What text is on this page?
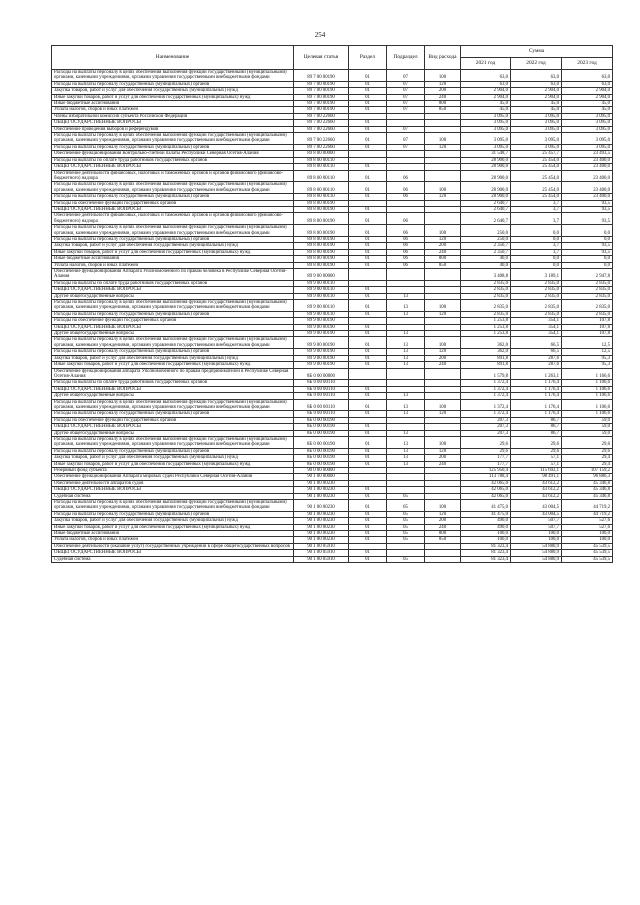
254
Наименование	Целевая статья	Раздел	Подраздел	Вид расхода	Сумма		
					2021 год	2022 год	2023 год
Расходы на выплаты персоналу в целях обеспечения выполнения функций государственными (муниципальными) органами, казенными учреждениями, органами управления государственными внебюджетными фондами	89 7 00 00190	01	07	100	63,0	63,0	63,0
Расходы на выплаты персоналу государственных (муниципальных) органов	89 7 00 00190	01	07	120	63,0	63,0	63,0
Закупка товаров, работ и услуг для обеспечения государственных (муниципальных) нужд	89 7 00 00190	01	07	200	2 904,0	2 904,0	2 904,0
Иные закупки товаров, работ и услуг для обеспечения государственных (муниципальных) нужд	89 7 00 00190	01	07	240	2 904,0	2 904,0	2 904,0
Иные бюджетные ассигнования	89 7 00 00190	01	07	800	45,0	45,0	45,0
Уплата налогов, сборов и иных платежей	89 7 00 00190	01	07	850	45,0	45,0	45,0
Члены избирательной комиссии субъекта Российской Федерации	89 7 00 22660				3 095,0	3 095,0	3 095,0
ОБЩЕГОСУДАРСТВЕННЫЕ ВОПРОСЫ	89 7 00 22660	01			3 095,0	3 095,0	3 095,0
Обеспечение проведения выборов и референдумов	89 7 00 22660	01	07		3 095,0	3 095,0	3 095,0
Расходы на выплаты персоналу в целях обеспечения выполнения функций государственными (муниципальными) органами, казенными учреждениями, органами управления государственными внебюджетными фондами	89 7 00 22660	01	07	100	3 095,0	3 095,0	3 095,0
Расходы на выплаты персоналу государственных (муниципальных) органов	89 7 00 22660	01	07	120	3 095,0	3 095,0	3 095,0
Обеспечение функционирования Контрольно-счетной палаты Республики Северная Осетия-Алания	89 8 00 00000				31 548,7	25 457,7	23 493,5
Расходы на выплаты по оплате труда работников государственных органов	89 8 00 00110				28 900,0	25 454,0	23 400,0
ОБЩЕГОСУДАРСТВЕННЫЕ ВОПРОСЫ	89 8 00 00110	01			28 900,0	25 454,0	23 400,0
Обеспечение деятельности финансовых, налоговых и таможенных органов и органов финансового (финансово-бюджетного) надзора	89 8 00 00110	01	06		28 900,0	25 454,0	23 400,0
Расходы на выплаты персоналу в целях обеспечения выполнения функций государственными (муниципальными) органами, казенными учреждениями, органами управления государственными внебюджетными фондами	89 8 00 00110	01	06	100	28 900,0	25 454,0	23 400,0
Расходы на выплаты персоналу государственных (муниципальных) органов	89 8 00 00110	01	06	120	28 900,0	25 454,0	23 400,0
Расходы на обеспечение функций государственных органов	89 8 00 00190				2 640,7	3,7	93,5
ОБЩЕГОСУДАРСТВЕННЫЕ ВОПРОСЫ	89 8 00 00190	01			2 640,7	3,7	93,5
Обеспечение деятельности финансовых, налоговых и таможенных органов и органов финансового (финансово-бюджетного) надзора	89 8 00 00190	01	06		2 640,7	3,7	93,5
Расходы на выплаты персоналу в целях обеспечения выполнения функций государственными (муниципальными) органами, казенными учреждениями, органами управления государственными внебюджетными фондами	89 8 00 00190	01	06	100	250,0	0,0	0,0
Расходы на выплаты персоналу государственных (муниципальных) органов	89 8 00 00190	01	06	120	250,0	0,0	0,0
Закупка товаров, работ и услуг для обеспечения государственных (муниципальных) нужд	89 8 00 00190	01	06	200	2 350,7	3,7	93,5
Иные закупки товаров, работ и услуг для обеспечения государственных (муниципальных) нужд	89 8 00 00190	01	06	240	2 350,7	3,7	93,5
Иные бюджетные ассигнования	89 8 00 00190	01	06	800	40,0	0,0	0,0
Уплата налогов, сборов и иных платежей	89 8 00 00190	01	06	850	40,0	0,0	0,0
Обеспечение функционирования Аппарата Уполномоченного по правам человека в Республике Северная Осетия-Алания	89 9 00 00000				3 408,8	3 189,1	2 947,8
Расходы на выплаты по оплате труда работников государственных органов	89 9 00 00110				2 835,0	2 835,0	2 835,0
ОБЩЕГОСУДАРСТВЕННЫЕ ВОПРОСЫ	89 9 00 00110	01			2 835,0	2 835,0	2 835,0
Другие общегосударственные вопросы	89 9 00 00110	01	13		2 835,0	2 835,0	2 835,0
Расходы на выплаты персоналу в целях обеспечения выполнения функций государственными (муниципальными) органами, казенными учреждениями, органами управления государственными внебюджетными фондами	89 9 00 00110	01	13	100	2 835,0	2 835,0	2 835,0
Расходы на выплаты персоналу государственных (муниципальных) органов	89 9 00 00110	01	13	120	2 835,0	2 835,0	2 835,0
Расходы на обеспечение функций государственных органов	89 9 00 00190				1 253,8	354,1	107,8
ОБЩЕГОСУДАРСТВЕННЫЕ ВОПРОСЫ	89 9 00 00190	01			1 253,8	354,1	107,8
Другие общегосударственные вопросы	89 9 00 00190	01	13		1 253,8	354,1	107,8
Расходы на выплаты персоналу в целях обеспечения выполнения функций государственными (муниципальными) органами, казенными учреждениями, органами управления государственными внебюджетными фондами	89 9 00 00190	01	13	100	362,0	66,5	12,5
Расходы на выплаты персоналу государственных (муниципальных) органов	89 9 00 00190	01	13	120	362,0	66,5	12,5
Закупка товаров, работ и услуг для обеспечения государственных (муниципальных) нужд	89 9 00 00190	01	13	200	891,8	287,6	95,3
Иные закупки товаров, работ и услуг для обеспечения государственных (муниципальных) нужд	89 9 00 00190	01	13	240	891,8	287,6	95,3
Обеспечение функционирования аппарата Уполномоченного по правам предпринимателей в Республике Северная Осетия-Алания	8Б 0 00 00000				1 579,8	1 263,1	1 166,6
Расходы на выплаты по оплате труда работников государственных органов	8Б 0 00 00110				1 372,4	1 176,4	1 106,6
ОБЩЕГОСУДАРСТВЕННЫЕ ВОПРОСЫ	8Б 0 00 00110	01			1 372,4	1 176,4	1 106,6
Другие общегосударственные вопросы	8Б 0 00 00110	01	13		1 372,4	1 176,4	1 106,6
Расходы на выплаты персоналу в целях обеспечения выполнения функций государственными (муниципальными) органами, казенными учреждениями, органами управления государственными внебюджетными фондами	8Б 0 00 00110	01	13	100	1 372,4	1 176,4	1 106,6
Расходы на выплаты персоналу государственных (муниципальных) органов	8Б 0 00 00110	01	13	120	1 372,4	1 176,4	1 106,6
Расходы на обеспечение функций государственных органов	8Б 0 00 00190				207,3	86,7	59,0
ОБЩЕГОСУДАРСТВЕННЫЕ ВОПРОСЫ	8Б 0 00 00190	01			207,3	86,7	59,0
Другие общегосударственные вопросы	8Б 0 00 00190	01	13		207,3	86,7	59,0
Расходы на выплаты персоналу в целях обеспечения выполнения функций государственными (муниципальными) органами, казенными учреждениями, органами управления государственными внебюджетными фондами	8Б 0 00 00190	01	13	100	29,6	29,6	29,6
Расходы на выплаты персоналу государственных (муниципальных) органов	8Б 0 00 00190	01	13	120	29,6	29,6	29,6
Закупка товаров, работ и услуг для обеспечения государственных (муниципальных) нужд	8Б 0 00 00190	01	13	200	177,7	57,1	29,4
Иные закупки товаров, работ и услуг для обеспечения государственных (муниципальных) нужд	8Б 0 00 00190	01	13	240	177,7	57,1	29,4
Резервный фонд субъекта	90 0 00 00000				125 950,4	115 692,1	107 159,2
Обеспечение функционирования Аппарата мировых судей Республики Северная Осетия-Алания	90 1 00 00000				113 788,4	98 491,1	96 886,3
Обеспечение деятельности аппаратов судов	90 1 00 00230				42 065,0	43 612,2	45 346,8
ОБЩЕГОСУДАРСТВЕННЫЕ ВОПРОСЫ	90 1 00 00230	01			42 065,0	43 612,2	45 346,8
Судебная система	90 1 00 00230	01	05		42 065,0	43 612,2	45 346,8
Расходы на выплаты персоналу в целях обеспечения выполнения функций государственными (муниципальными) органами, казенными учреждениями, органами управления государственными внебюджетными фондами	90 1 00 00230	01	05	100	41 475,0	43 004,5	44 719,2
Расходы на выплаты персоналу государственных (муниципальных) органов	90 1 00 00230	01	05	120	41 475,0	43 004,5	44 719,2
Закупка товаров, работ и услуг для обеспечения государственных (муниципальных) нужд	90 1 00 00230	01	05	200	490,0	507,7	527,6
Иные закупки товаров, работ и услуг для обеспечения государственных (муниципальных) нужд	90 1 00 00230	01	05	240	490,0	507,7	527,6
Иные бюджетные ассигнования	90 1 00 00230	01	05	800	100,0	100,0	100,0
Уплата налогов, сборов и иных платежей	90 1 00 00230	01	05	850	100,0	100,0	100,0
Обеспечение деятельности (оказание услуг) государственных учреждений в сфере общегосударственных вопросов	90 1 00 05910				81 323,4	54 880,9	45 539,5
ОБЩЕГОСУДАРСТВЕННЫЕ ВОПРОСЫ	90 1 00 05910	01			81 323,4	54 880,9	45 539,5
Судебная система	90 1 00 05910	01	05		81 323,4	54 880,9	45 539,5
